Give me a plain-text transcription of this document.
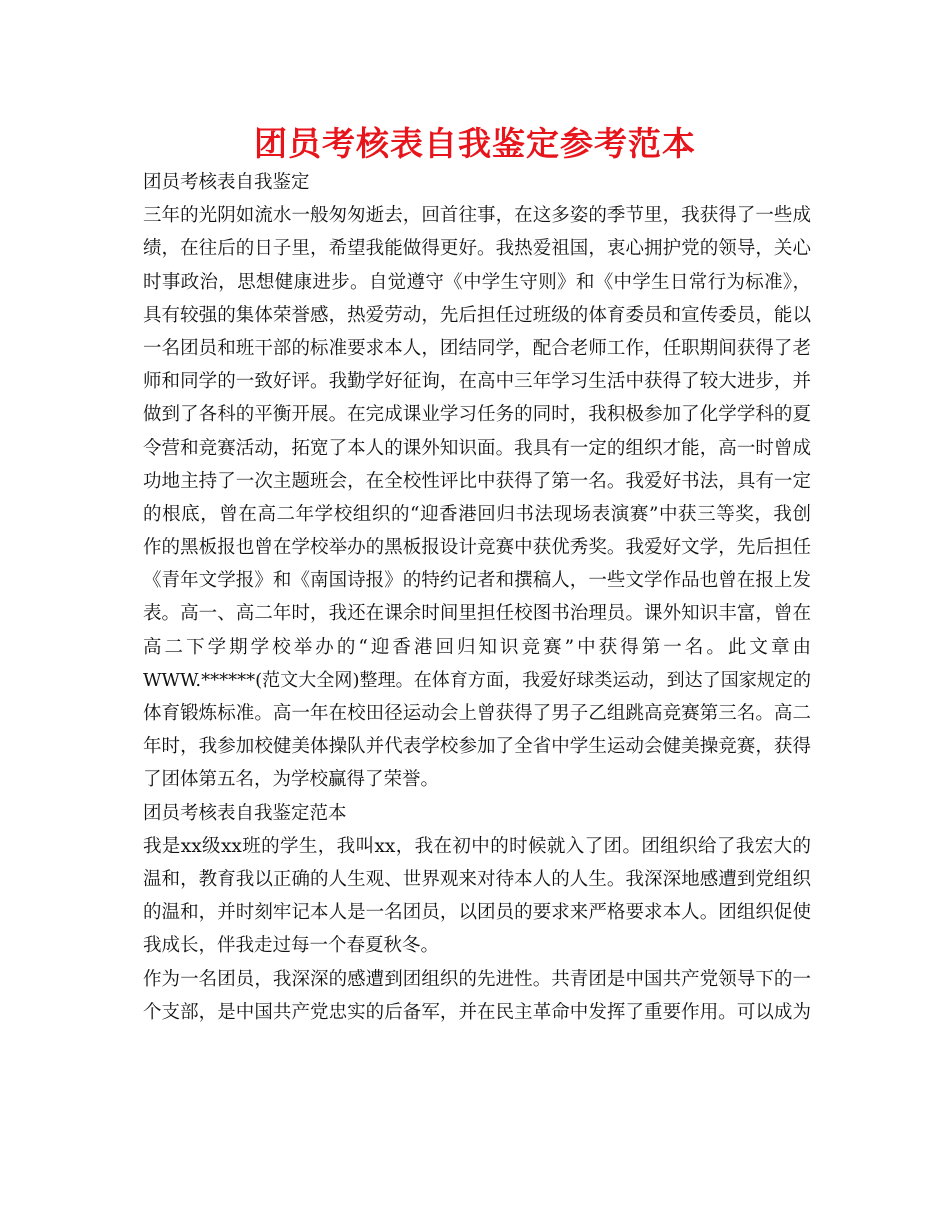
团员考核表自我鉴定参考范本
团员考核表自我鉴定
三年的光阴如流水一般匆匆逝去，回首往事，在这多姿的季节里，我获得了一些成
绩，在往后的日子里，希望我能做得更好。我热爱祖国，衷心拥护党的领导，关心
时事政治，思想健康进步。自觉遵守《中学生守则》和《中学生日常行为标准》，
具有较强的集体荣誉感，热爱劳动，先后担任过班级的体育委员和宣传委员，能以
一名团员和班干部的标准要求本人，团结同学，配合老师工作，任职期间获得了老
师和同学的一致好评。我勤学好征询，在高中三年学习生活中获得了较大进步，并
做到了各科的平衡开展。在完成课业学习任务的同时，我积极参加了化学学科的夏
令营和竞赛活动，拓宽了本人的课外知识面。我具有一定的组织才能，高一时曾成
功地主持了一次主题班会，在全校性评比中获得了第一名。我爱好书法，具有一定
的根底，曾在高二年学校组织的“迎香港回归书法现场表演赛”中获三等奖，我创
作的黑板报也曾在学校举办的黑板报设计竞赛中获优秀奖。我爱好文学，先后担任
《青年文学报》和《南国诗报》的特约记者和撰稿人，一些文学作品也曾在报上发
表。高一、高二年时，我还在课余时间里担任校图书治理员。课外知识丰富，曾在
高二下学期学校举办的“迎香港回归知识竞赛”中获得第一名。此文章由
WWW.******(范文大全网)整理。在体育方面，我爱好球类运动，到达了国家规定的
体育锻炼标准。高一年在校田径运动会上曾获得了男子乙组跳高竞赛第三名。高二
年时，我参加校健美体操队并代表学校参加了全省中学生运动会健美操竞赛，获得
了团体第五名，为学校赢得了荣誉。
团员考核表自我鉴定范本
我是xx级xx班的学生，我叫xx，我在初中的时候就入了团。团组织给了我宏大的
温和，教育我以正确的人生观、世界观来对待本人的人生。我深深地感遭到党组织
的温和，并时刻牢记本人是一名团员，以团员的要求来严格要求本人。团组织促使
我成长，伴我走过每一个春夏秋冬。
作为一名团员，我深深的感遭到团组织的先进性。共青团是中国共产党领导下的一
个支部，是中国共产党忠实的后备军，并在民主革命中发挥了重要作用。可以成为
